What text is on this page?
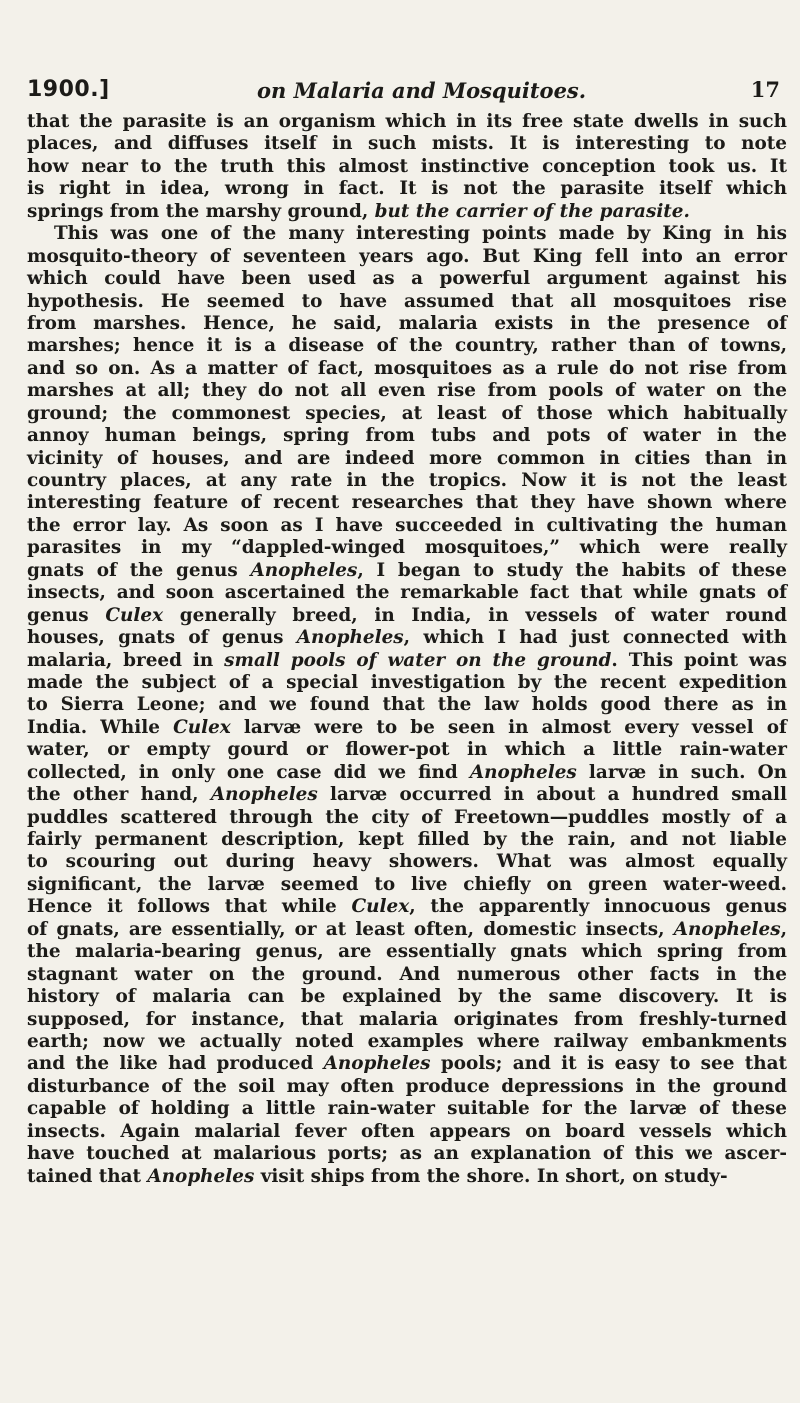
1900.]	on Malaria and Mosquitoes.	17
that the parasite is an organism which in its free state dwells in such
places, and diffuses itself in such mists. It is interesting to note
how near to the truth this almost instinctive conception took us. It
is right in idea, wrong in fact. It is not the parasite itself which
springs from the marshy ground, but the carrier of the parasite.
This was one of the many interesting points made by King in his
mosquito-theory of seventeen years ago. But King fell into an error
which could have been used as a powerful argument against his
hypothesis. He seemed to have assumed that all mosquitoes rise
from marshes. Hence, he said, malaria exists in the presence of
marshes; hence it is a disease of the country, rather than of towns,
and so on. As a matter of fact, mosquitoes as a rule do not rise from
marshes at all; they do not all even rise from pools of water on the
ground; the commonest species, at least of those which habitually
annoy human beings, spring from tubs and pots of water in the
vicinity of houses, and are indeed more common in cities than in
country places, at any rate in the tropics. Now it is not the least
interesting feature of recent researches that they have shown where
the error lay. As soon as I have succeeded in cultivating the human
parasites in my “dappled-winged mosquitoes,” which were really
gnats of the genus Anopheles, I began to study the habits of these
insects, and soon ascertained the remarkable fact that while gnats of
genus Culex generally breed, in India, in vessels of water round
houses, gnats of genus Anopheles, which I had just connected with
malaria, breed in small pools of water on the ground. This point was
made the subject of a special investigation by the recent expedition
to Sierra Leone; and we found that the law holds good there as in
India. While Culex larvæ were to be seen in almost every vessel of
water, or empty gourd or flower-pot in which a little rain-water
collected, in only one case did we find Anopheles larvæ in such. On
the other hand, Anopheles larvæ occurred in about a hundred small
puddles scattered through the city of Freetown—puddles mostly of a
fairly permanent description, kept filled by the rain, and not liable
to scouring out during heavy showers. What was almost equally
significant, the larvæ seemed to live chiefly on green water-weed.
Hence it follows that while Culex, the apparently innocuous genus
of gnats, are essentially, or at least often, domestic insects, Anopheles,
the malaria-bearing genus, are essentially gnats which spring from
stagnant water on the ground. And numerous other facts in the
history of malaria can be explained by the same discovery. It is
supposed, for instance, that malaria originates from freshly-turned
earth; now we actually noted examples where railway embankments
and the like had produced Anopheles pools; and it is easy to see that
disturbance of the soil may often produce depressions in the ground
capable of holding a little rain-water suitable for the larvæ of these
insects. Again malarial fever often appears on board vessels which
have touched at malarious ports; as an explanation of this we ascer-
tained that Anopheles visit ships from the shore. In short, on study-
